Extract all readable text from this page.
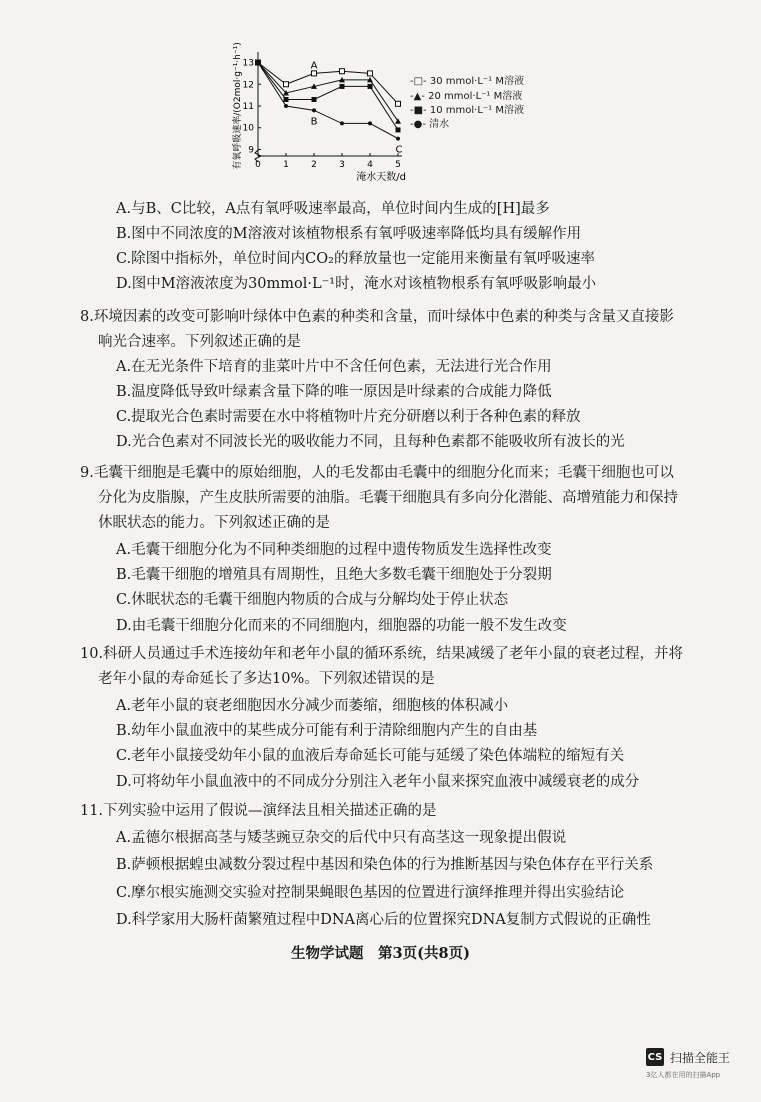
0 1 2 3 4 5
9
10
11
12
13
淹水天数/d
有氧呼吸速率/(O2mol·g⁻¹·h⁻¹)	A
B
C
-□- 30 mmol·L⁻¹ M溶液
-▲- 20 mmol·L⁻¹ M溶液
-■- 10 mmol·L⁻¹ M溶液
-●- 清水
A.与B、C比较，A点有氧呼吸速率最高，单位时间内生成的[H]最多
B.图中不同浓度的M溶液对该植物根系有氧呼吸速率降低均具有缓解作用
C.除图中指标外，单位时间内CO₂的释放量也一定能用来衡量有氧呼吸速率
D.图中M溶液浓度为30mmol·L⁻¹时，淹水对该植物根系有氧呼吸影响最小
8.环境因素的改变可影响叶绿体中色素的种类和含量，而叶绿体中色素的种类与含量又直接影
响光合速率。下列叙述正确的是
A.在无光条件下培育的韭菜叶片中不含任何色素，无法进行光合作用
B.温度降低导致叶绿素含量下降的唯一原因是叶绿素的合成能力降低
C.提取光合色素时需要在水中将植物叶片充分研磨以利于各种色素的释放
D.光合色素对不同波长光的吸收能力不同，且每种色素都不能吸收所有波长的光
9.毛囊干细胞是毛囊中的原始细胞，人的毛发都由毛囊中的细胞分化而来；毛囊干细胞也可以
分化为皮脂腺，产生皮肤所需要的油脂。毛囊干细胞具有多向分化潜能、高增殖能力和保持
休眠状态的能力。下列叙述正确的是
A.毛囊干细胞分化为不同种类细胞的过程中遗传物质发生选择性改变
B.毛囊干细胞的增殖具有周期性，且绝大多数毛囊干细胞处于分裂期
C.休眠状态的毛囊干细胞内物质的合成与分解均处于停止状态
D.由毛囊干细胞分化而来的不同细胞内，细胞器的功能一般不发生改变
10.科研人员通过手术连接幼年和老年小鼠的循环系统，结果减缓了老年小鼠的衰老过程，并将
老年小鼠的寿命延长了多达10%。下列叙述错误的是
A.老年小鼠的衰老细胞因水分减少而萎缩，细胞核的体积减小
B.幼年小鼠血液中的某些成分可能有利于清除细胞内产生的自由基
C.老年小鼠接受幼年小鼠的血液后寿命延长可能与延缓了染色体端粒的缩短有关
D.可将幼年小鼠血液中的不同成分分别注入老年小鼠来探究血液中减缓衰老的成分
11.下列实验中运用了假说—演绎法且相关描述正确的是
A.孟德尔根据高茎与矮茎豌豆杂交的后代中只有高茎这一现象提出假说
B.萨顿根据蝗虫减数分裂过程中基因和染色体的行为推断基因与染色体存在平行关系
C.摩尔根实施测交实验对控制果蝇眼色基因的位置进行演绎推理并得出实验结论
D.科学家用大肠杆菌繁殖过程中DNA离心后的位置探究DNA复制方式假说的正确性
生物学试题　第3页(共8页)
CS 扫描全能王
3亿人都在用的扫描App
